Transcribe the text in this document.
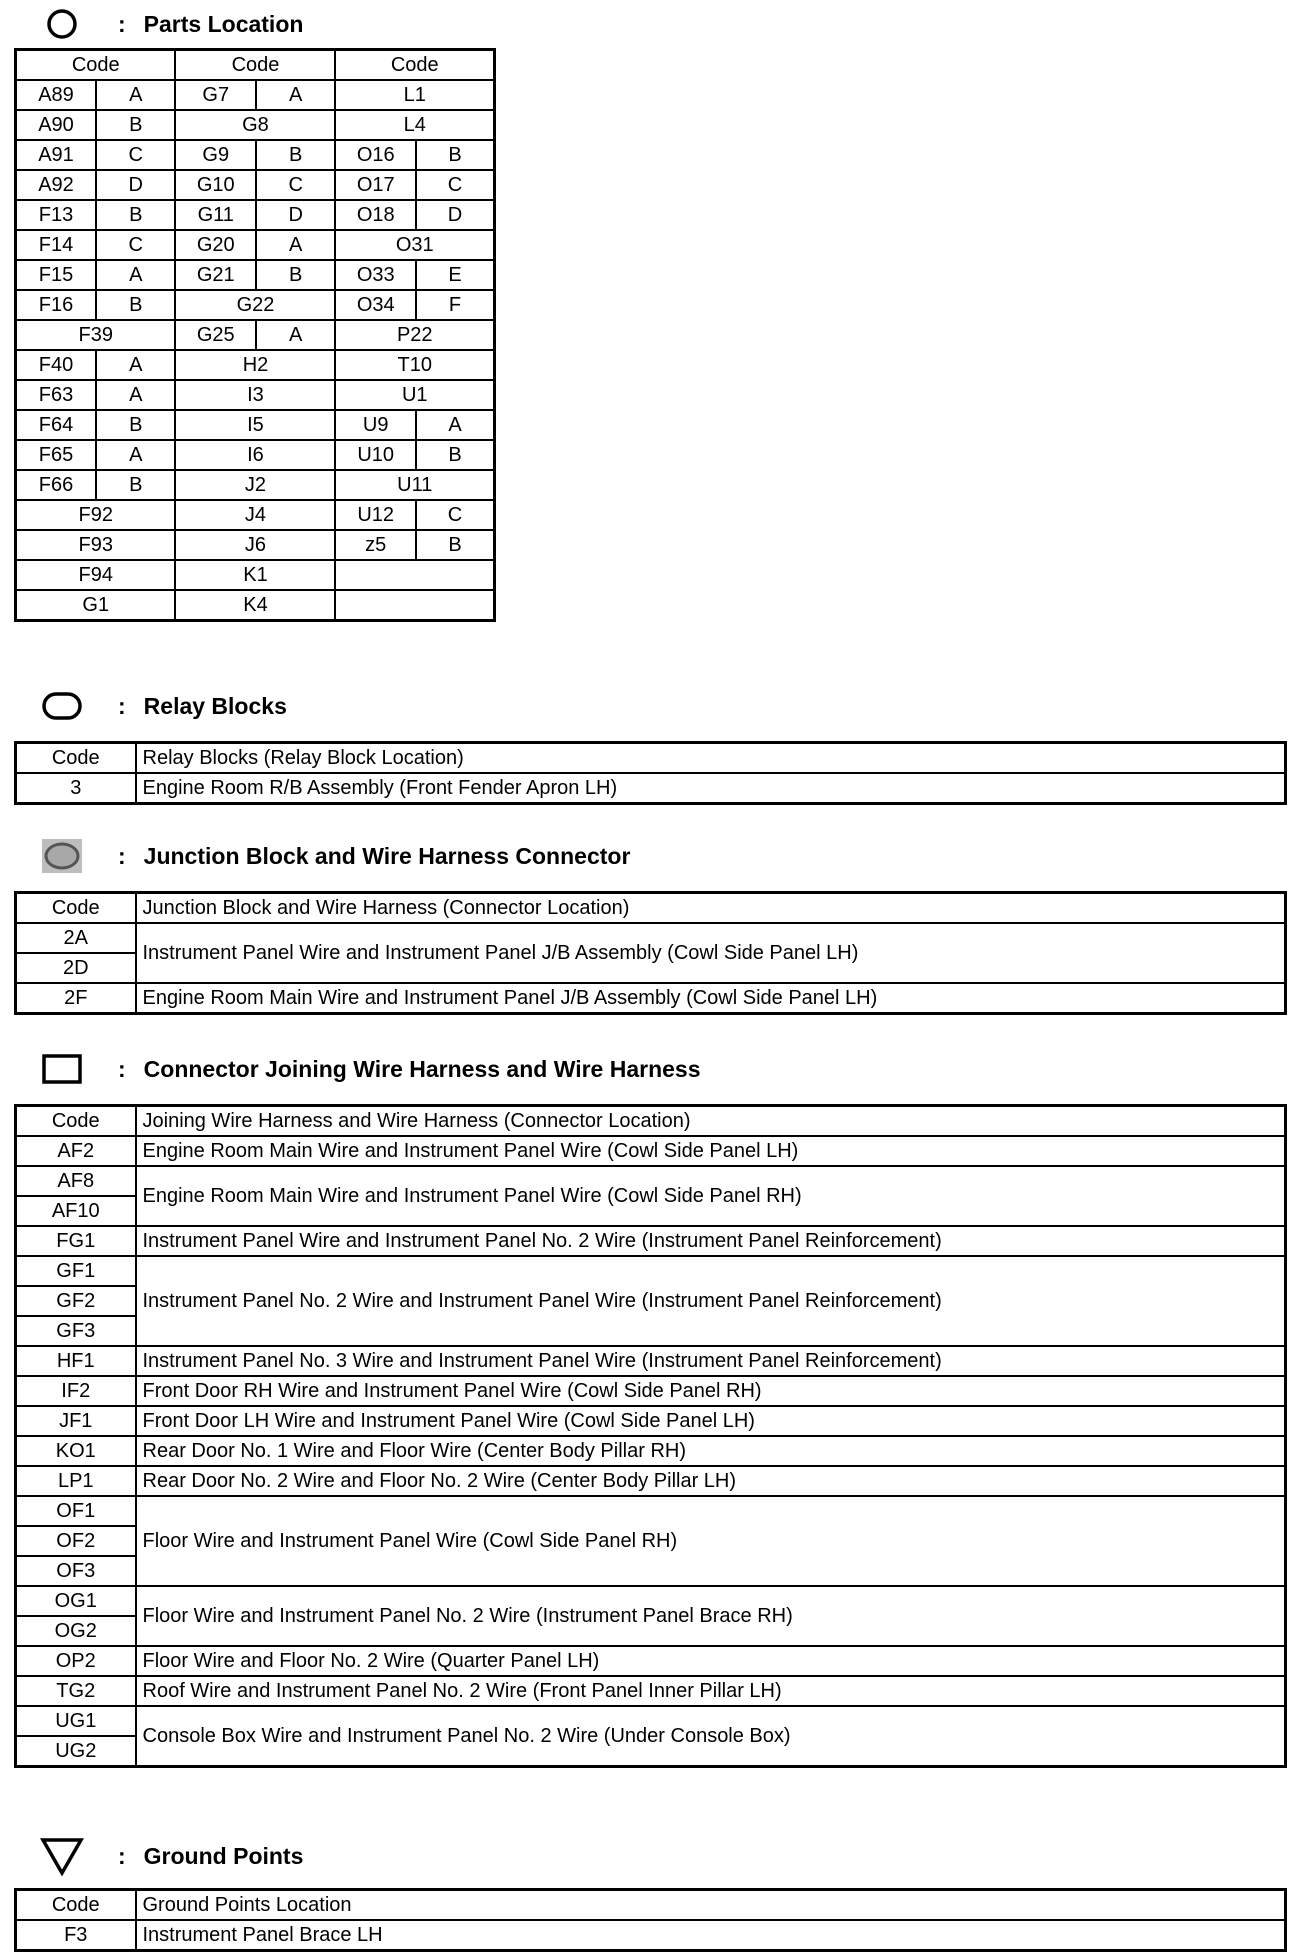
: Parts Location
Code		Code		Code	
A89	A	G7	A	L1	
A90	B	G8		L4	
A91	C	G9	B	O16	B
A92	D	G10	C	O17	C
F13	B	G11	D	O18	D
F14	C	G20	A	O31	
F15	A	G21	B	O33	E
F16	B	G22		O34	F
F39		G25	A	P22	
F40	A	H2		T10	
F63	A	I3		U1	
F64	B	I5		U9	A
F65	A	I6		U10	B
F66	B	J2		U11	
F92		J4		U12	C
F93		J6		z5	B
F94		K1			
G1		K4			
: Relay Blocks
Code	Relay Blocks (Relay Block Location)
3	Engine Room R/B Assembly (Front Fender Apron LH)
: Junction Block and Wire Harness Connector
Code	Junction Block and Wire Harness (Connector Location)
2A	Instrument Panel Wire and Instrument Panel J/B Assembly (Cowl Side Panel LH)
2D	
2F	Engine Room Main Wire and Instrument Panel J/B Assembly (Cowl Side Panel LH)
: Connector Joining Wire Harness and Wire Harness
Code	Joining Wire Harness and Wire Harness (Connector Location)
AF2	Engine Room Main Wire and Instrument Panel Wire (Cowl Side Panel LH)
AF8	Engine Room Main Wire and Instrument Panel Wire (Cowl Side Panel RH)
AF10	
FG1	Instrument Panel Wire and Instrument Panel No. 2 Wire (Instrument Panel Reinforcement)
GF1	Instrument Panel No. 2 Wire and Instrument Panel Wire (Instrument Panel Reinforcement)
GF2	
GF3	
HF1	Instrument Panel No. 3 Wire and Instrument Panel Wire (Instrument Panel Reinforcement)
IF2	Front Door RH Wire and Instrument Panel Wire (Cowl Side Panel RH)
JF1	Front Door LH Wire and Instrument Panel Wire (Cowl Side Panel LH)
KO1	Rear Door No. 1 Wire and Floor Wire (Center Body Pillar RH)
LP1	Rear Door No. 2 Wire and Floor No. 2 Wire (Center Body Pillar LH)
OF1	Floor Wire and Instrument Panel Wire (Cowl Side Panel RH)
OF2	
OF3	
OG1	Floor Wire and Instrument Panel No. 2 Wire (Instrument Panel Brace RH)
OG2	
OP2	Floor Wire and Floor No. 2 Wire (Quarter Panel LH)
TG2	Roof Wire and Instrument Panel No. 2 Wire (Front Panel Inner Pillar LH)
UG1	Console Box Wire and Instrument Panel No. 2 Wire (Under Console Box)
UG2	
: Ground Points
Code	Ground Points Location
F3	Instrument Panel Brace LH
